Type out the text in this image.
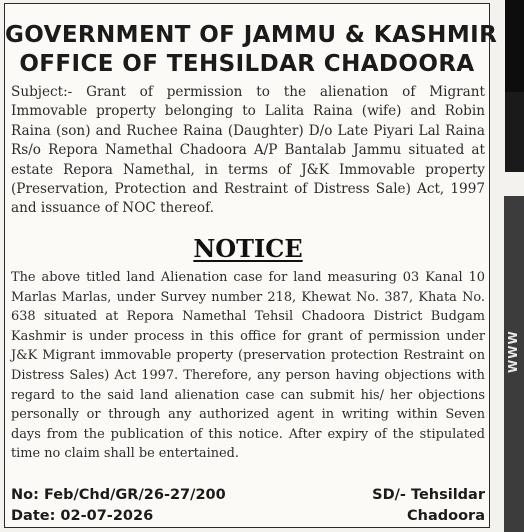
GOVERNMENT OF JAMMU & KASHMIR
OFFICE OF TEHSILDAR CHADOORA

Subject:- Grant of permission to the alienation of Migrant Immovable property belonging to Lalita Raina (wife) and Robin Raina (son) and Ruchee Raina (Daughter) D/o Late Piyari Lal Raina Rs/o Repora Namethal Chadoora A/P Bantalab Jammu situated at estate Repora Namethal, in terms of J&K Immovable property (Preservation, Protection and Restraint of Distress Sale) Act, 1997 and issuance of NOC thereof.

NOTICE

The above titled land Alienation case for land measuring 03 Kanal 10 Marlas Marlas, under Survey number 218, Khewat No. 387, Khata No. 638 situated at Repora Namethal Tehsil Chadoora District Budgam Kashmir is under process in this office for grant of permission under J&K Migrant immovable property (preservation protection Restraint on Distress Sales) Act 1997. Therefore, any person having objections with regard to the said land alienation case can submit his/ her objections personally or through any authorized agent in writing within Seven days from the publication of this notice. After expiry of the stipulated time no claim shall be entertained.

No: Feb/Chd/GR/26-27/200	SD/- Tehsildar
Date: 02-07-2026	Chadoora
WWW
